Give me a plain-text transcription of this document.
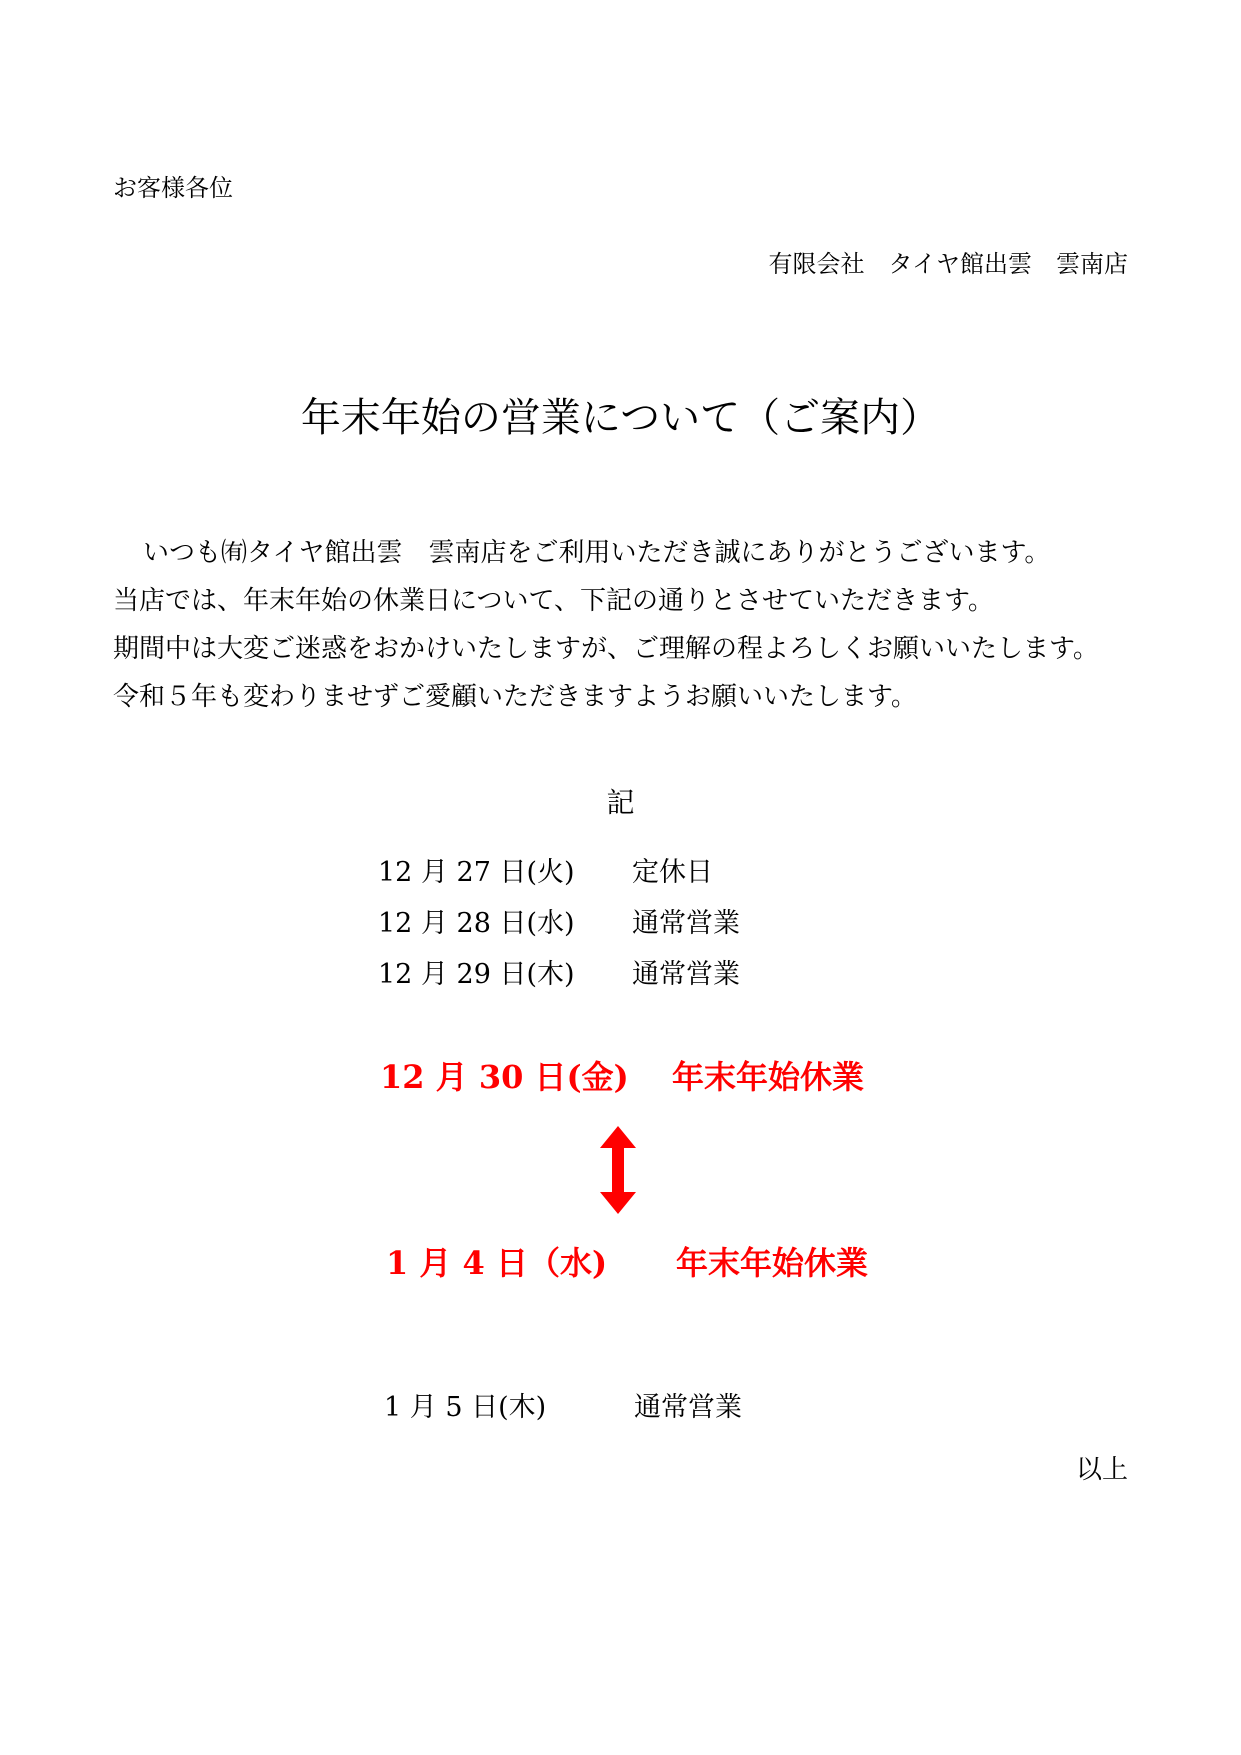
お客様各位
有限会社　タイヤ館出雲　雲南店
年末年始の営業について（ご案内）
いつも㈲タイヤ館出雲　雲南店をご利用いただき誠にありがとうございます。
当店では、年末年始の休業日について、下記の通りとさせていただきます。
期間中は大変ご迷惑をおかけいたしますが、ご理解の程よろしくお願いいたします。
令和５年も変わりませずご愛顧いただきますようお願いいたします。
記
12 月 27 日(火) 定休日
12 月 28 日(水) 通常営業
12 月 29 日(木) 通常営業
12 月 30 日(金) 年末年始休業
1 月 4 日（水) 年末年始休業
1 月 5 日(木)	通常営業
以上
